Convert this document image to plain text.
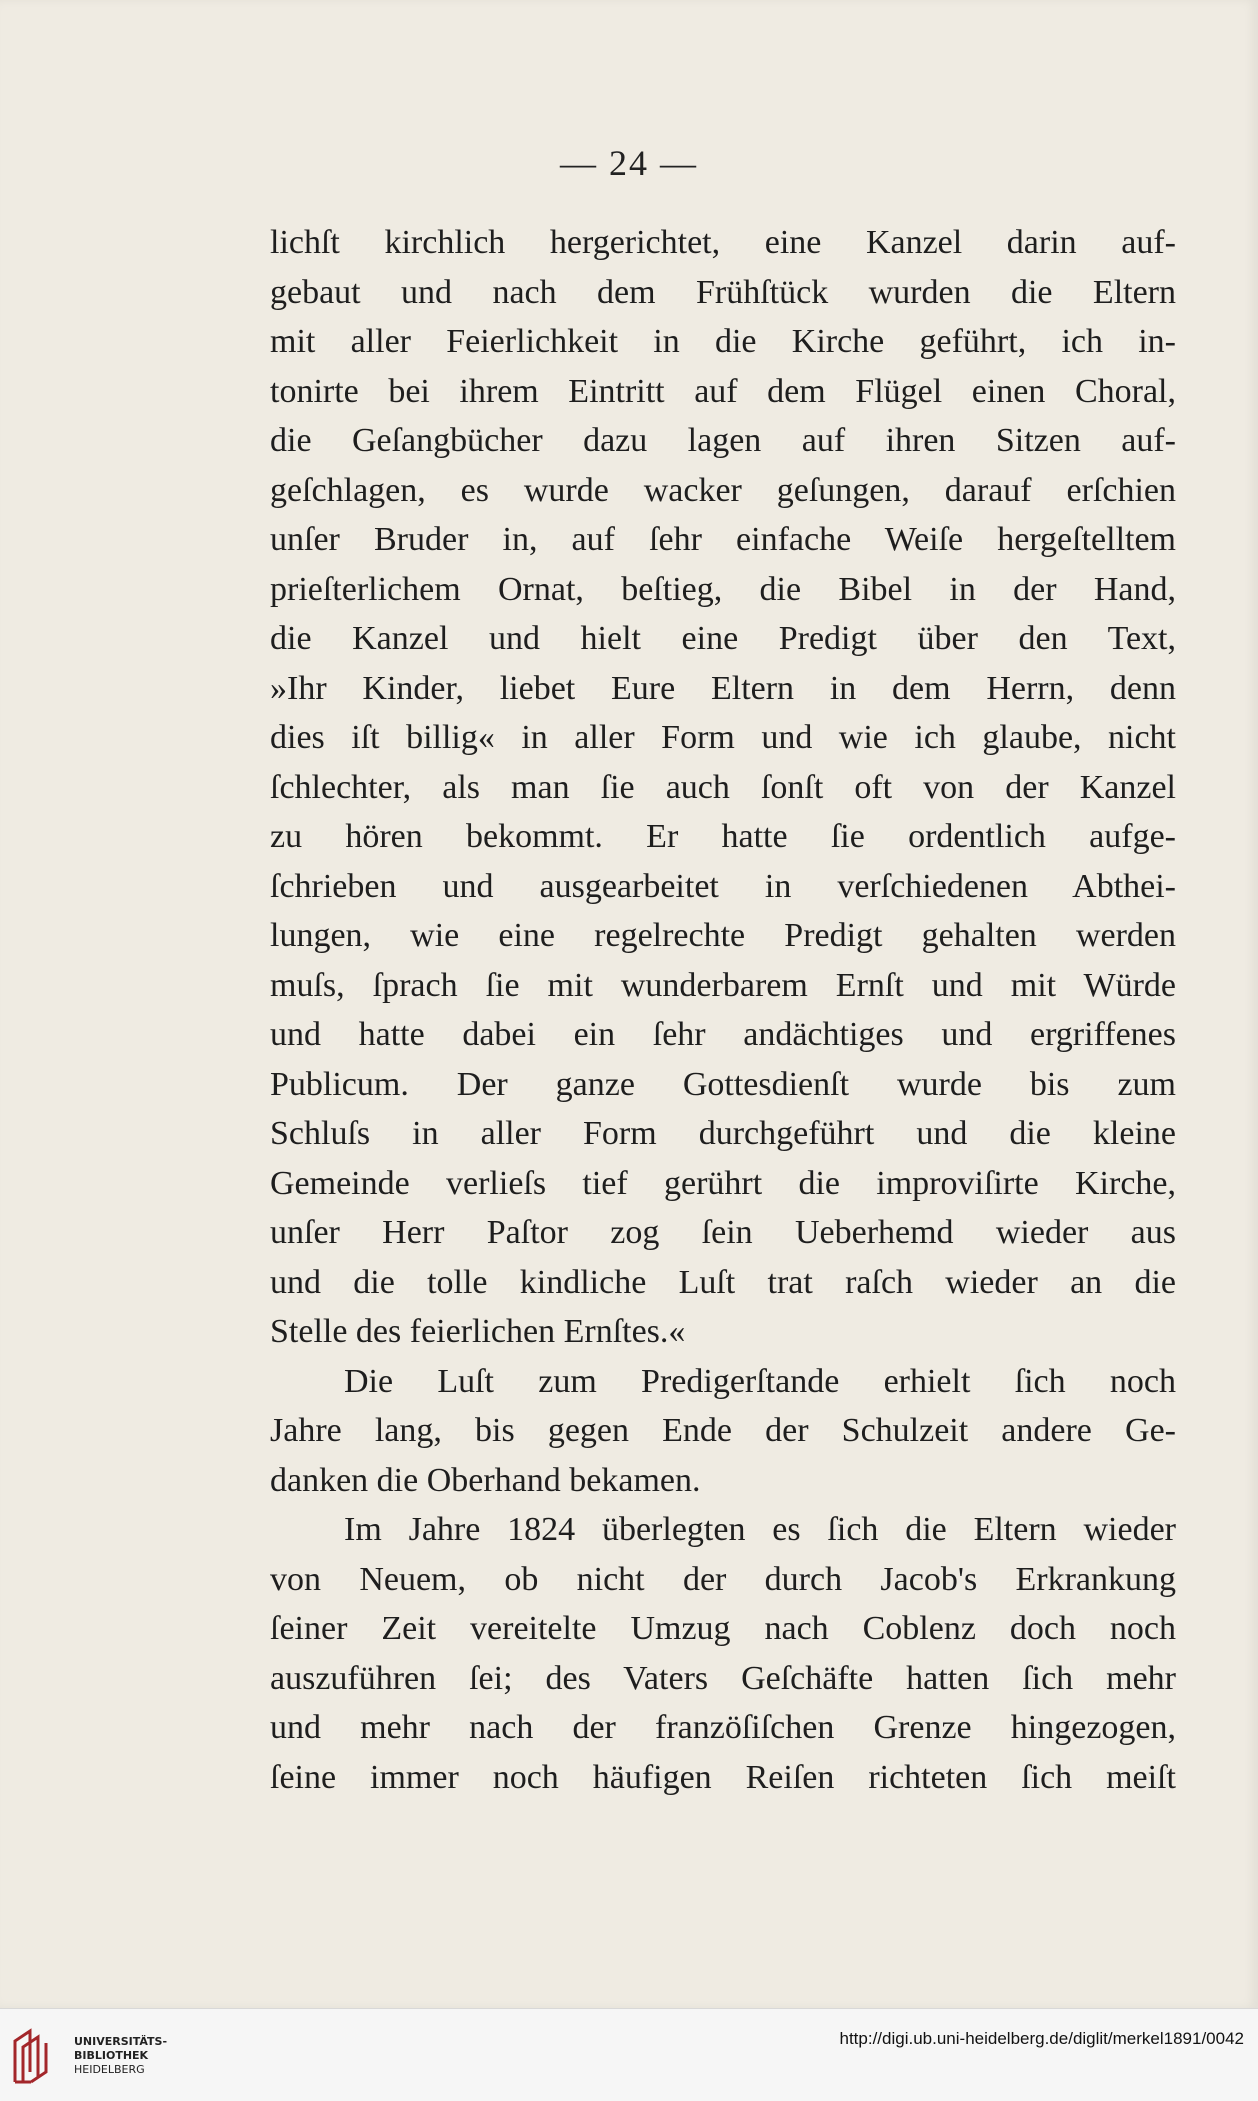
— 24 —
lichſt kirchlich hergerichtet, eine Kanzel darin auf-
gebaut und nach dem Frühſtück wurden die Eltern
mit aller Feierlichkeit in die Kirche geführt, ich in-
tonirte bei ihrem Eintritt auf dem Flügel einen Choral,
die Geſangbücher dazu lagen auf ihren Sitzen auf-
geſchlagen, es wurde wacker geſungen, darauf erſchien
unſer Bruder in, auf ſehr einfache Weiſe hergeſtelltem
prieſterlichem Ornat, beſtieg, die Bibel in der Hand,
die Kanzel und hielt eine Predigt über den Text,
»Ihr Kinder, liebet Eure Eltern in dem Herrn, denn
dies iſt billig« in aller Form und wie ich glaube, nicht
ſchlechter, als man ſie auch ſonſt oft von der Kanzel
zu hören bekommt. Er hatte ſie ordentlich aufge-
ſchrieben und ausgearbeitet in verſchiedenen Abthei-
lungen, wie eine regelrechte Predigt gehalten werden
muſs, ſprach ſie mit wunderbarem Ernſt und mit Würde
und hatte dabei ein ſehr andächtiges und ergriffenes
Publicum. Der ganze Gottesdienſt wurde bis zum
Schluſs in aller Form durchgeführt und die kleine
Gemeinde verlieſs tief gerührt die improviſirte Kirche,
unſer Herr Paſtor zog ſein Ueberhemd wieder aus
und die tolle kindliche Luſt trat raſch wieder an die
Stelle des feierlichen Ernſtes.«
Die Luſt zum Predigerſtande erhielt ſich noch
Jahre lang, bis gegen Ende der Schulzeit andere Ge-
danken die Oberhand bekamen.
Im Jahre 1824 überlegten es ſich die Eltern wieder
von Neuem, ob nicht der durch Jacob's Erkrankung
ſeiner Zeit vereitelte Umzug nach Coblenz doch noch
auszuführen ſei; des Vaters Geſchäfte hatten ſich mehr
und mehr nach der franzöſiſchen Grenze hingezogen,
ſeine immer noch häufigen Reiſen richteten ſich meiſt
UNIVERSITÄTS-
BIBLIOTHEK
HEIDELBERG
http://digi.ub.uni-heidelberg.de/diglit/merkel1891/0042
